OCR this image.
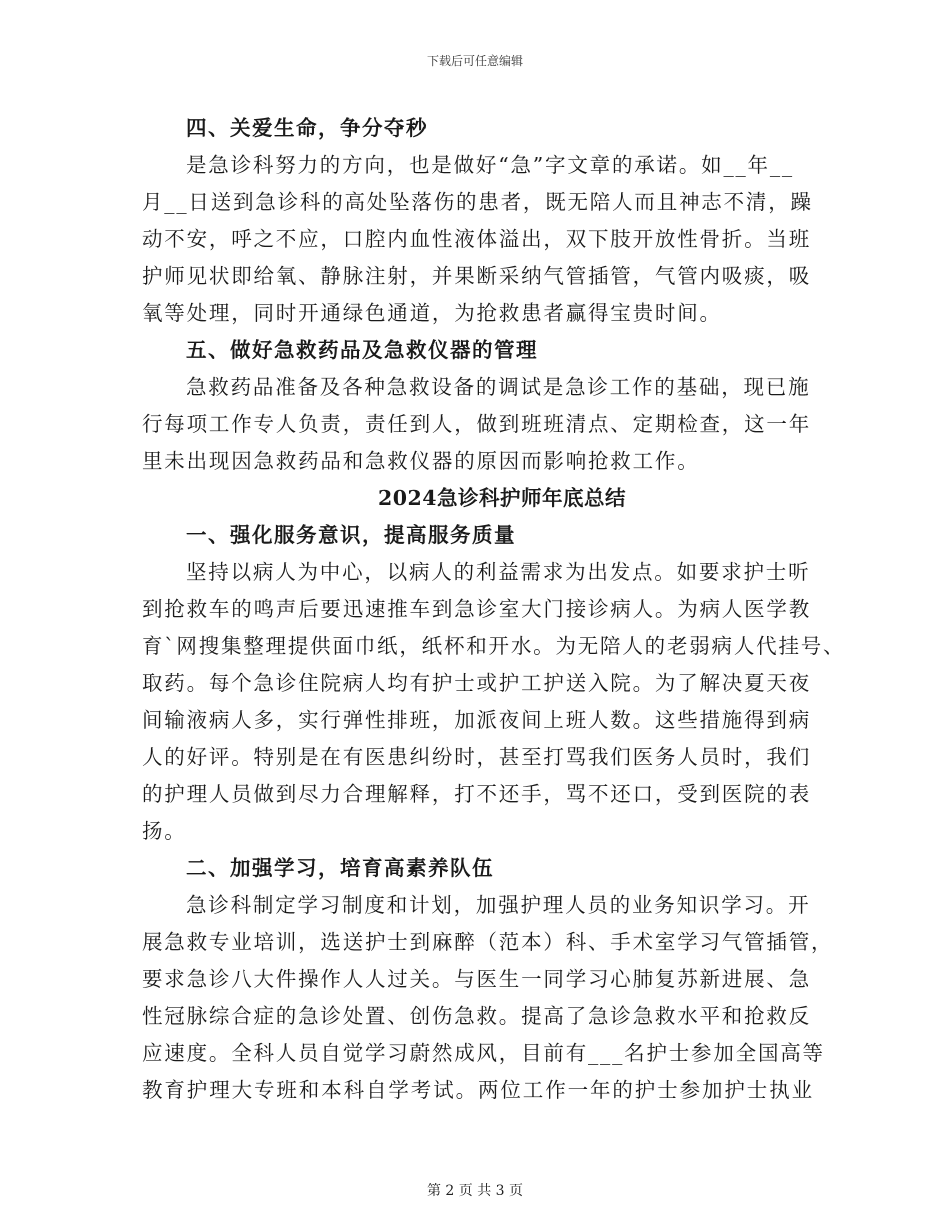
下载后可任意编辑
四、关爱生命，争分夺秒
是急诊科努力的方向，也是做好“急”字文章的承诺。如__年__
月__日送到急诊科的高处坠落伤的患者，既无陪人而且神志不清，躁
动不安，呼之不应，口腔内血性液体溢出，双下肢开放性骨折。当班
护师见状即给氧、静脉注射，并果断采纳气管插管，气管内吸痰，吸
氧等处理，同时开通绿色通道，为抢救患者赢得宝贵时间。
五、做好急救药品及急救仪器的管理
急救药品准备及各种急救设备的调试是急诊工作的基础，现已施
行每项工作专人负责，责任到人，做到班班清点、定期检查，这一年
里未出现因急救药品和急救仪器的原因而影响抢救工作。
2024急诊科护师年底总结
一、强化服务意识，提高服务质量
坚持以病人为中心，以病人的利益需求为出发点。如要求护士听
到抢救车的鸣声后要迅速推车到急诊室大门接诊病人。为病人医学教
育`网搜集整理提供面巾纸，纸杯和开水。为无陪人的老弱病人代挂号、
取药。每个急诊住院病人均有护士或护工护送入院。为了解决夏天夜
间输液病人多，实行弹性排班，加派夜间上班人数。这些措施得到病
人的好评。特别是在有医患纠纷时，甚至打骂我们医务人员时，我们
的护理人员做到尽力合理解释，打不还手，骂不还口，受到医院的表
扬。
二、加强学习，培育高素养队伍
急诊科制定学习制度和计划，加强护理人员的业务知识学习。开
展急救专业培训，选送护士到麻醉（范本）科、手术室学习气管插管，
要求急诊八大件操作人人过关。与医生一同学习心肺复苏新进展、急
性冠脉综合症的急诊处置、创伤急救。提高了急诊急救水平和抢救反
应速度。全科人员自觉学习蔚然成风，目前有___名护士参加全国高等
教育护理大专班和本科自学考试。两位工作一年的护士参加护士执业
第 2 页 共 3 页
